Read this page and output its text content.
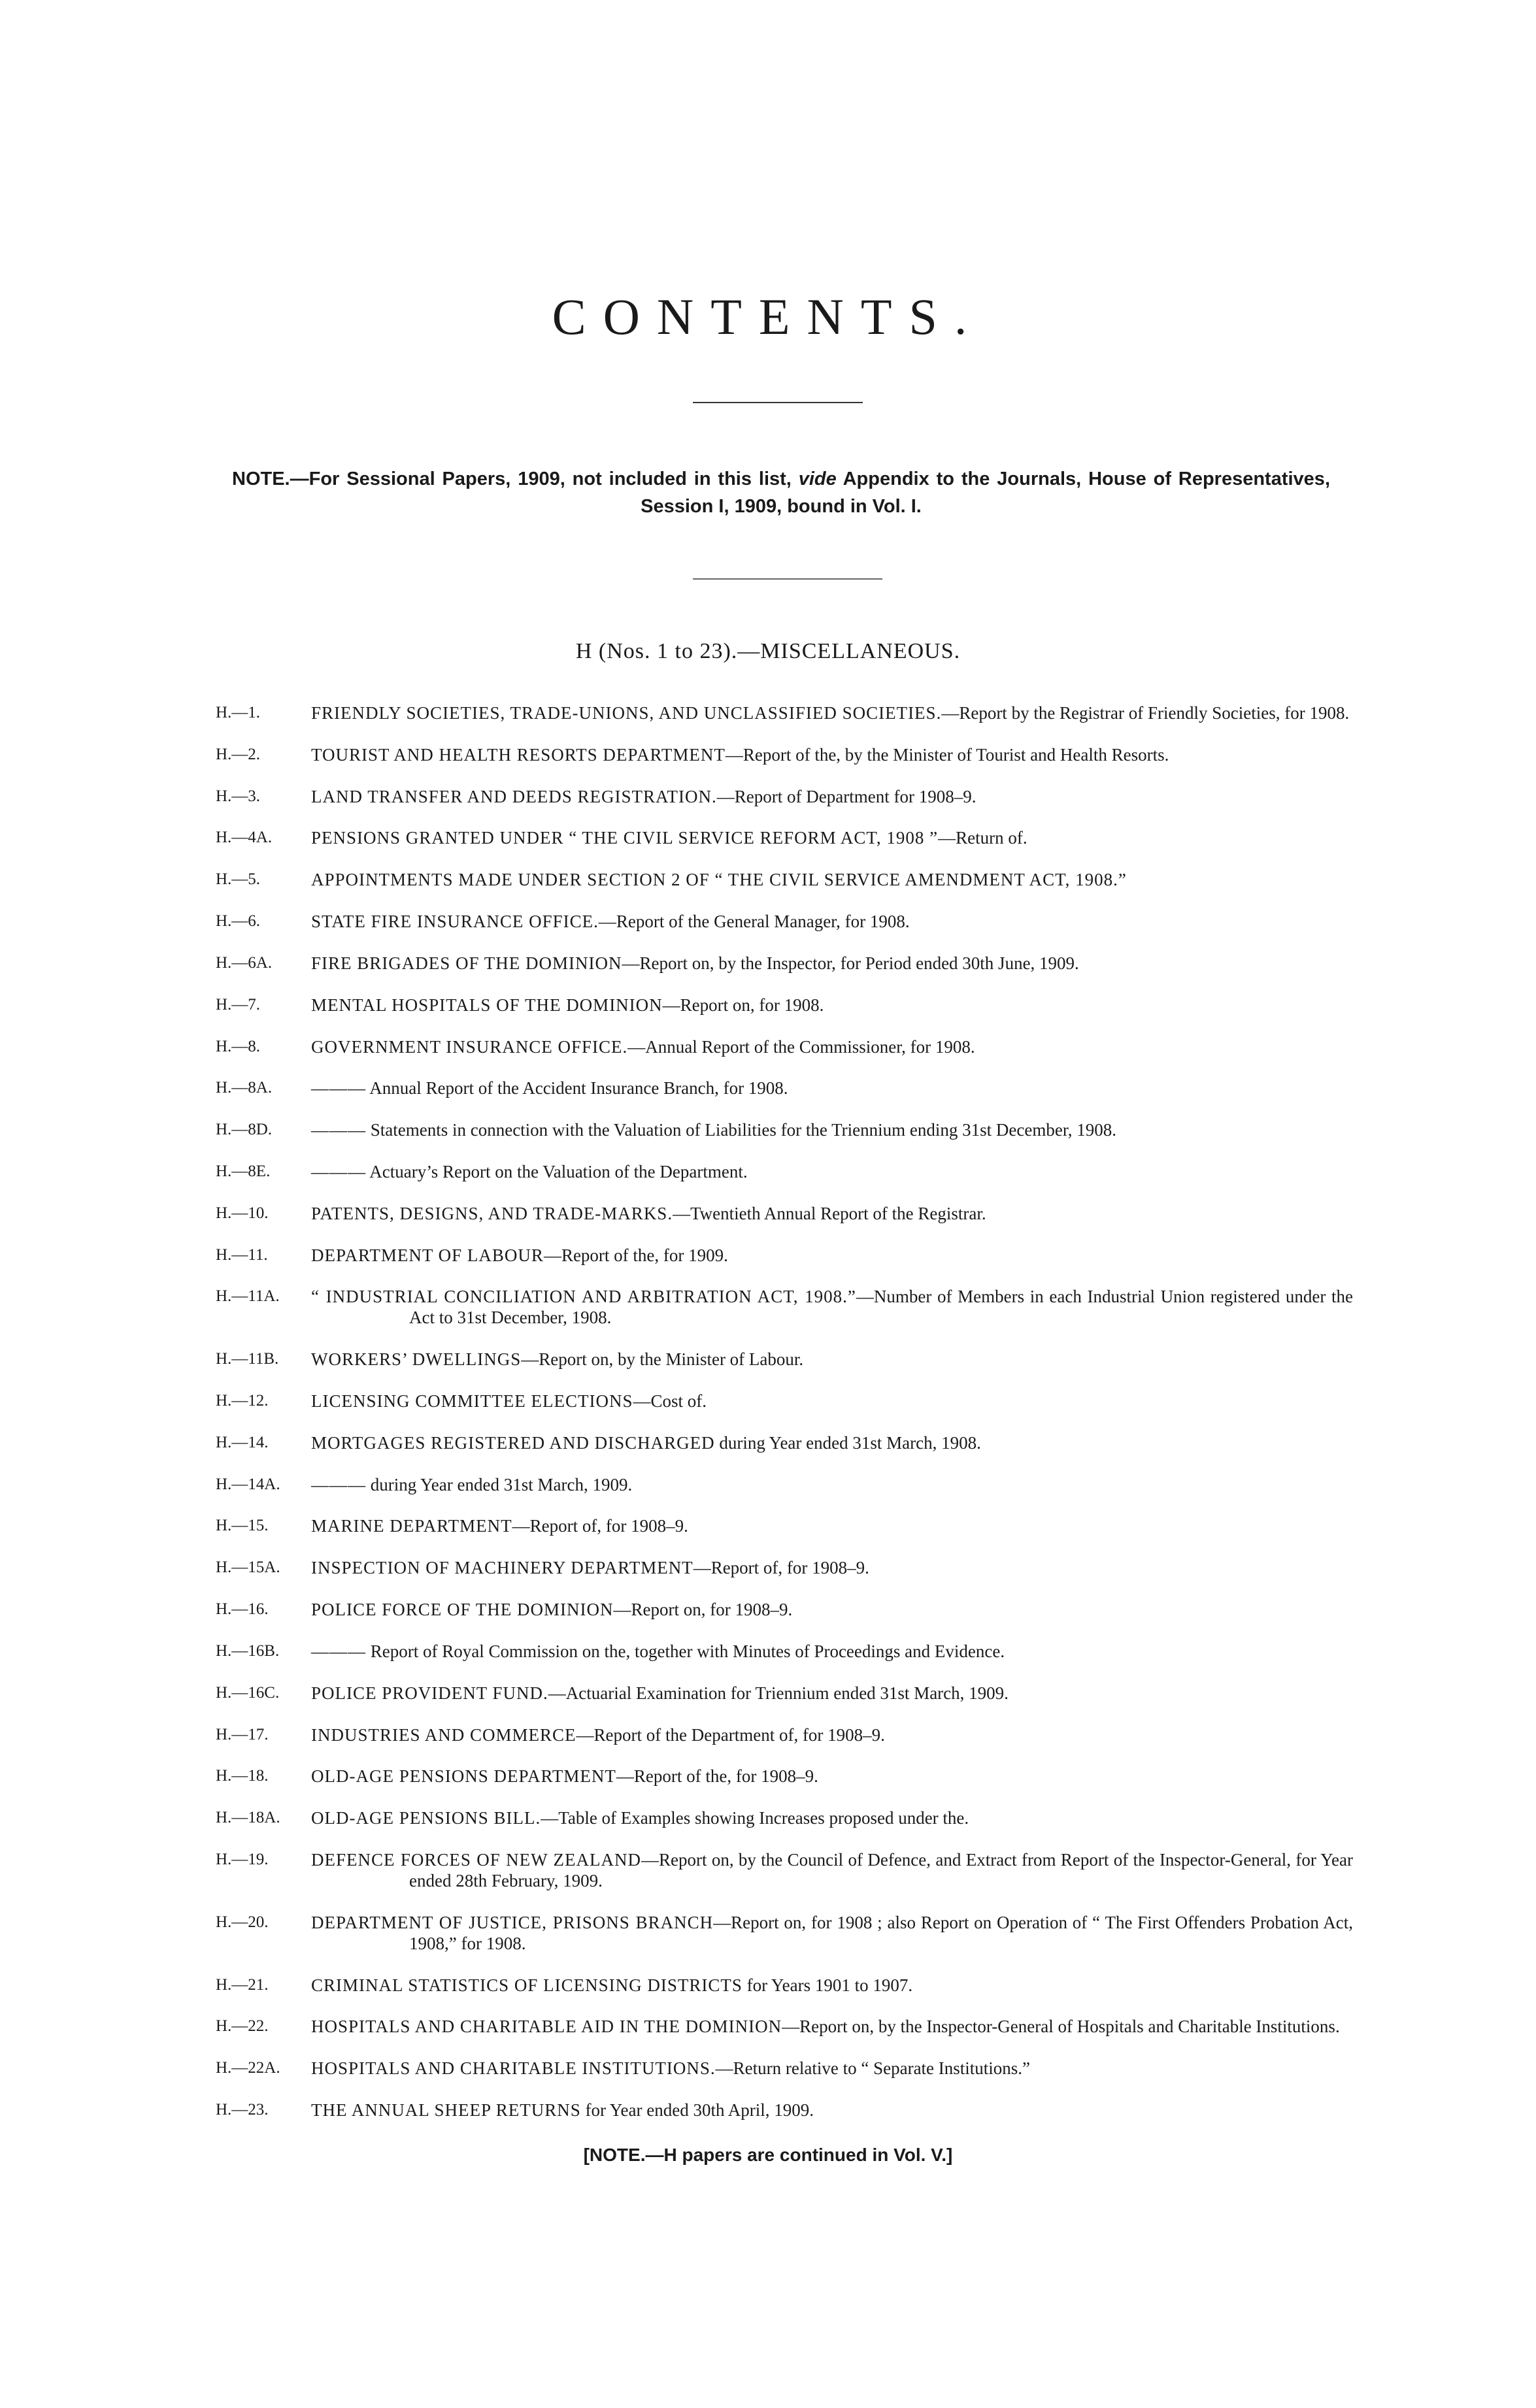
CONTENTS.
NOTE.—For Sessional Papers, 1909, not included in this list, vide Appendix to the Journals, House of Representatives, Session I, 1909, bound in Vol. I.
H (Nos. 1 to 23).—MISCELLANEOUS.
H.—1.	FRIENDLY SOCIETIES, TRADE-UNIONS, AND UNCLASSIFIED SOCIETIES.—Report by the Registrar of Friendly Societies, for 1908.
H.—2.	TOURIST AND HEALTH RESORTS DEPARTMENT—Report of the, by the Minister of Tourist and Health Resorts.
H.—3.	LAND TRANSFER AND DEEDS REGISTRATION.—Report of Department for 1908–9.
H.—4A.	PENSIONS GRANTED UNDER “ THE CIVIL SERVICE REFORM ACT, 1908 ”—Return of.
H.—5.	APPOINTMENTS MADE UNDER SECTION 2 OF “ THE CIVIL SERVICE AMENDMENT ACT, 1908.”
H.—6.	STATE FIRE INSURANCE OFFICE.—Report of the General Manager, for 1908.
H.—6A.	FIRE BRIGADES OF THE DOMINION—Report on, by the Inspector, for Period ended 30th June, 1909.
H.—7.	MENTAL HOSPITALS OF THE DOMINION—Report on, for 1908.
H.—8.	GOVERNMENT INSURANCE OFFICE.—Annual Report of the Commissioner, for 1908.
H.—8A.	——— Annual Report of the Accident Insurance Branch, for 1908.
H.—8D.	——— Statements in connection with the Valuation of Liabilities for the Triennium ending 31st December, 1908.
H.—8E.	——— Actuary’s Report on the Valuation of the Department.
H.—10.	PATENTS, DESIGNS, AND TRADE-MARKS.—Twentieth Annual Report of the Registrar.
H.—11.	DEPARTMENT OF LABOUR—Report of the, for 1909.
H.—11A.	“ INDUSTRIAL CONCILIATION AND ARBITRATION ACT, 1908.”—Number of Members in each Industrial Union registered under the Act to 31st December, 1908.
H.—11B.	WORKERS’ DWELLINGS—Report on, by the Minister of Labour.
H.—12.	LICENSING COMMITTEE ELECTIONS—Cost of.
H.—14.	MORTGAGES REGISTERED AND DISCHARGED during Year ended 31st March, 1908.
H.—14A.	——— during Year ended 31st March, 1909.
H.—15.	MARINE DEPARTMENT—Report of, for 1908–9.
H.—15A.	INSPECTION OF MACHINERY DEPARTMENT—Report of, for 1908–9.
H.—16.	POLICE FORCE OF THE DOMINION—Report on, for 1908–9.
H.—16B.	——— Report of Royal Commission on the, together with Minutes of Proceedings and Evidence.
H.—16C.	POLICE PROVIDENT FUND.—Actuarial Examination for Triennium ended 31st March, 1909.
H.—17.	INDUSTRIES AND COMMERCE—Report of the Department of, for 1908–9.
H.—18.	OLD-AGE PENSIONS DEPARTMENT—Report of the, for 1908–9.
H.—18A.	OLD-AGE PENSIONS BILL.—Table of Examples showing Increases proposed under the.
H.—19.	DEFENCE FORCES OF NEW ZEALAND—Report on, by the Council of Defence, and Extract from Report of the Inspector-General, for Year ended 28th February, 1909.
H.—20.	DEPARTMENT OF JUSTICE, PRISONS BRANCH—Report on, for 1908 ; also Report on Operation of “ The First Offenders Probation Act, 1908,” for 1908.
H.—21.	CRIMINAL STATISTICS OF LICENSING DISTRICTS for Years 1901 to 1907.
H.—22.	HOSPITALS AND CHARITABLE AID IN THE DOMINION—Report on, by the Inspector-General of Hospitals and Charitable Institutions.
H.—22A.	HOSPITALS AND CHARITABLE INSTITUTIONS.—Return relative to “ Separate Institutions.”
H.—23.	THE ANNUAL SHEEP RETURNS for Year ended 30th April, 1909.
[NOTE.—H papers are continued in Vol. V.]
